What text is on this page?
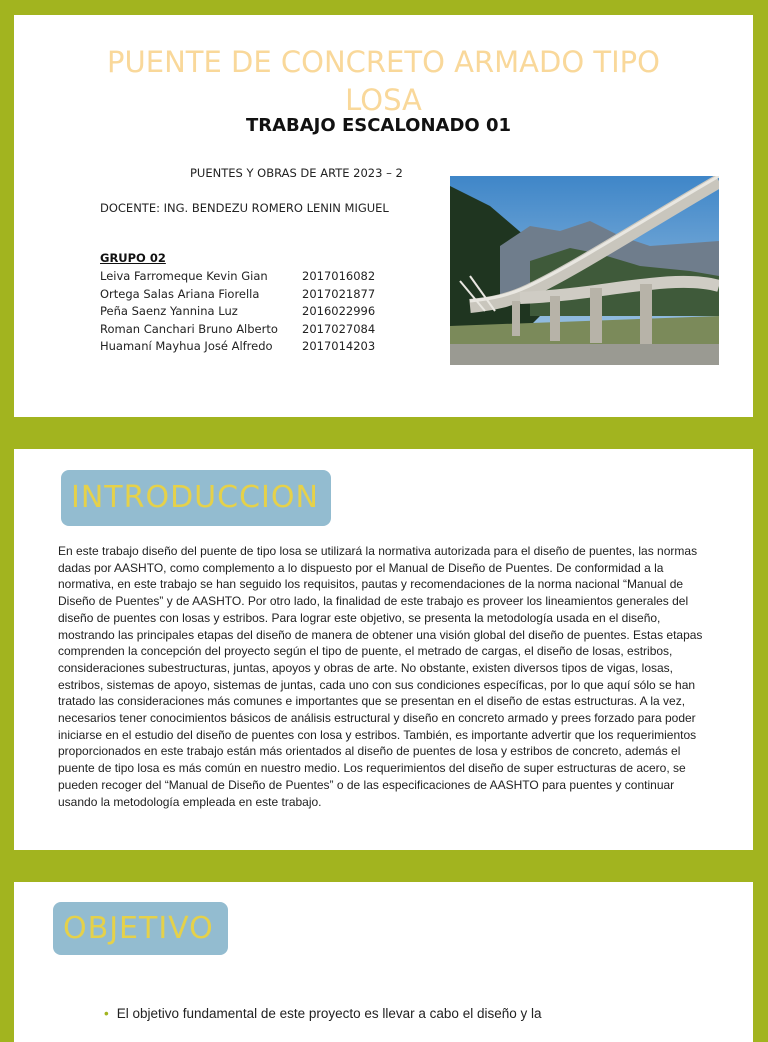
PUENTE DE CONCRETO ARMADO TIPO LOSA
TRABAJO ESCALONADO 01
PUENTES Y OBRAS DE ARTE 2023 – 2
DOCENTE: ING. BENDEZU ROMERO LENIN MIGUEL
GRUPO 02
Leiva Farromeque Kevin Gian	2017016082
Ortega Salas Ariana Fiorella	2017021877
Peña Saenz Yannina Luz	2016022996
Roman Canchari Bruno Alberto 2017027084
Huamaní Mayhua José Alfredo	2017014203
INTRODUCCION
En este trabajo diseño del puente de tipo losa se utilizará la normativa autorizada para el diseño de puentes, las normas dadas por AASHTO, como complemento a lo dispuesto por el Manual de Diseño de Puentes. De conformidad a la normativa, en este trabajo se han seguido los requisitos, pautas y recomendaciones de la norma nacional “Manual de Diseño de Puentes” y de AASHTO. Por otro lado, la finalidad de este trabajo es proveer los lineamientos generales del diseño de puentes con losas y estribos. Para lograr este objetivo, se presenta la metodología usada en el diseño, mostrando las principales etapas del diseño de manera de obtener una visión global del diseño de puentes. Estas etapas comprenden la concepción del proyecto según el tipo de puente, el metrado de cargas, el diseño de losas, estribos, consideraciones subestructuras, juntas, apoyos y obras de arte. No obstante, existen diversos tipos de vigas, losas, estribos, sistemas de apoyo, sistemas de juntas, cada uno con sus condiciones específicas, por lo que aquí sólo se han tratado las consideraciones más comunes e importantes que se presentan en el diseño de estas estructuras. A la vez, necesarios tener conocimientos básicos de análisis estructural y diseño en concreto armado y prees forzado para poder iniciarse en el estudio del diseño de puentes con losa y estribos. También, es importante advertir que los requerimientos proporcionados en este trabajo están más orientados al diseño de puentes de losa y estribos de concreto, además el puente de tipo losa es más común en nuestro medio. Los requerimientos del diseño de super estructuras de acero, se pueden recoger del “Manual de Diseño de Puentes” o de las especificaciones de AASHTO para puentes y continuar usando la metodología empleada en este trabajo.
OBJETIVO
• El objetivo fundamental de este proyecto es llevar a cabo el diseño y la
